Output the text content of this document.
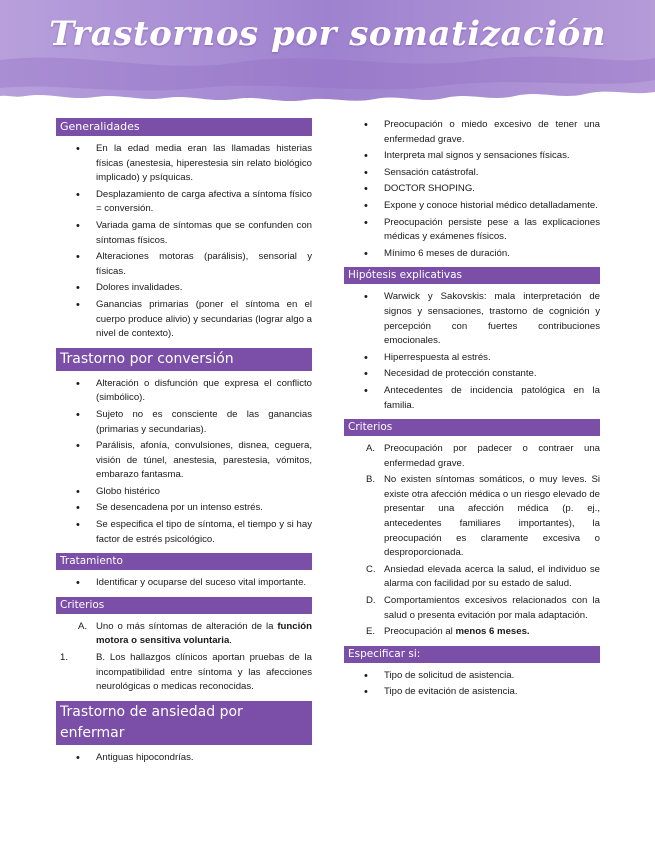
Trastornos por somatización
Generalidades
• En la edad media eran las llamadas histerias físicas (anestesia, hiperestesia sin relato biológico implicado) y psíquicas.
• Desplazamiento de carga afectiva a síntoma físico = conversión.
• Variada gama de síntomas que se confunden con síntomas físicos.
• Alteraciones motoras (parálisis), sensorial y físicas.
• Dolores invalidades.
• Ganancias primarias (poner el síntoma en el cuerpo produce alivio) y secundarias (lograr algo a nivel de contexto).
Trastorno por conversión
• Alteración o disfunción que expresa el conflicto (simbólico).
• Sujeto no es consciente de las ganancias (primarias y secundarias).
• Parálisis, afonía, convulsiones, disnea, ceguera, visión de túnel, anestesia, parestesia, vómitos, embarazo fantasma.
• Globo histérico
• Se desencadena por un intenso estrés.
• Se especifica el tipo de síntoma, el tiempo y si hay factor de estrés psicológico.
Tratamiento
• Identificar y ocuparse del suceso vital importante.
Criterios
A. Uno o más síntomas de alteración de la función motora o sensitiva voluntaria.
1.	B. Los hallazgos clínicos aportan pruebas de la incompatibilidad entre síntoma y las afecciones neurológicas o medicas reconocidas.
Trastorno de ansiedad por enfermar
• Antiguas hipocondrías.
• Preocupación o miedo excesivo de tener una enfermedad grave.
• Interpreta mal signos y sensaciones físicas.
• Sensación catástrofal.
• DOCTOR SHOPING.
• Expone y conoce historial médico detalladamente.
• Preocupación persiste pese a las explicaciones médicas y exámenes físicos.
• Mínimo 6 meses de duración.
Hipótesis explicativas
• Warwick y Sakovskis: mala interpretación de signos y sensaciones, trastorno de cognición y percepción con fuertes contribuciones emocionales.
• Hiperrespuesta al estrés.
• Necesidad de protección constante.
• Antecedentes de incidencia patológica en la familia.
Criterios
A. Preocupación por padecer o contraer una enfermedad grave.
B. No existen síntomas somáticos, o muy leves. Si existe otra afección médica o un riesgo elevado de presentar una afección médica (p. ej., antecedentes familiares importantes), la preocupación es claramente excesiva o desproporcionada.
C. Ansiedad elevada acerca la salud, el individuo se alarma con facilidad por su estado de salud.
D. Comportamientos excesivos relacionados con la salud o presenta evitación por mala adaptación.
E. Preocupación al menos 6 meses.
Especificar si:
• Tipo de solicitud de asistencia.
• Tipo de evitación de asistencia.
